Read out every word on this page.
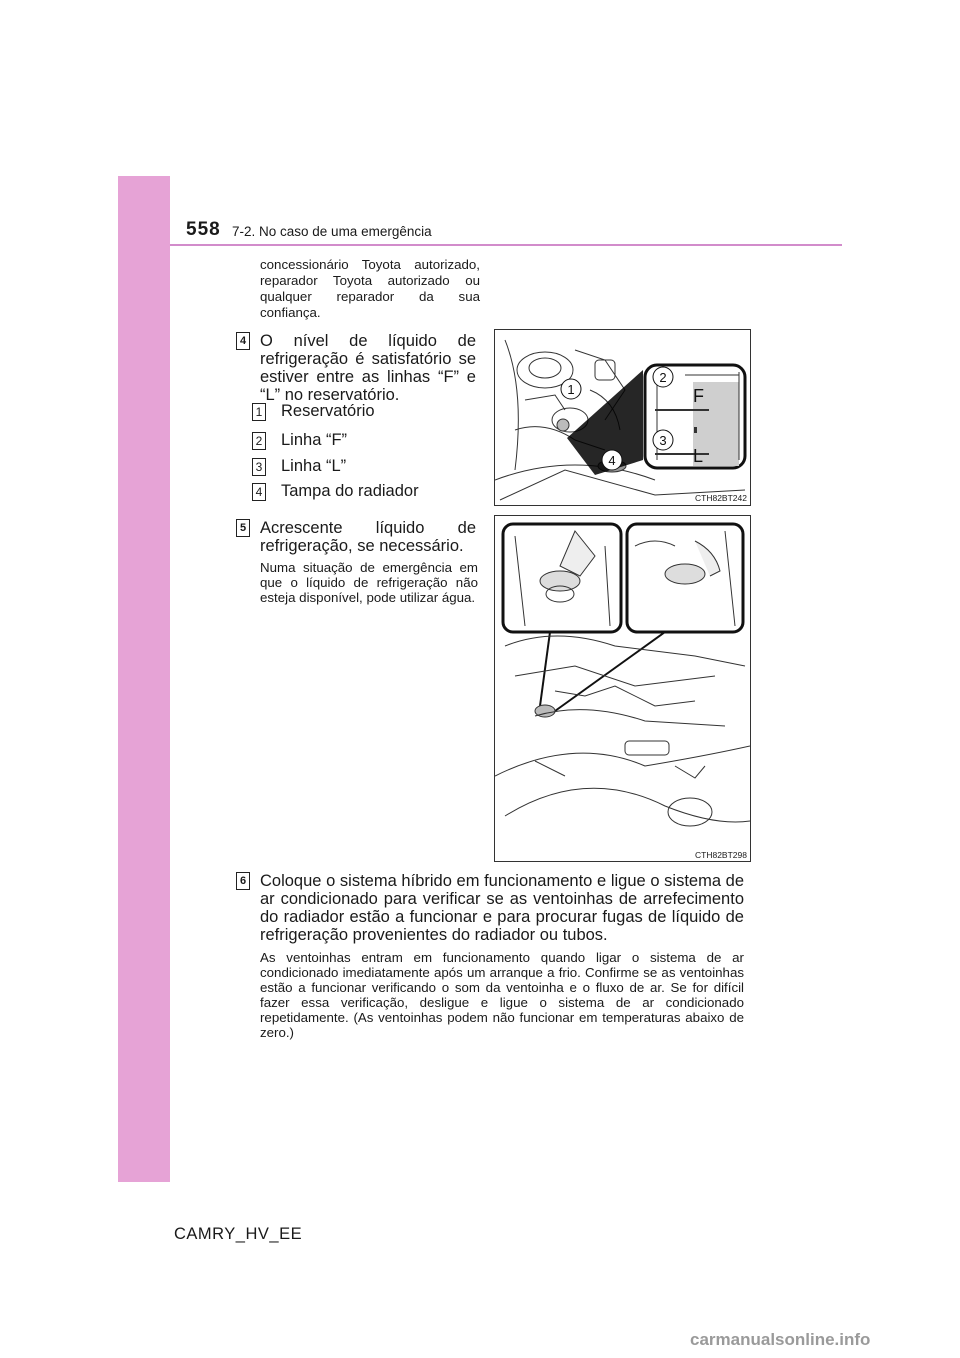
558 7-2. No caso de uma emergência
concessionário Toyota autorizado, reparador Toyota autorizado ou qualquer reparador da sua confiança.
4 O nível de líquido de refrigeração é satisfatório se estiver entre as linhas “F” e “L” no reservatório.
1 Reservatório
2 Linha “F”
3 Linha “L”
4 Tampa do radiador
1
2
3
4
F
L
CTH82BT242
5 Acrescente líquido de refrigeração, se necessário.
Numa situação de emergência em que o líquido de refrigeração não esteja disponível, pode utilizar água.
CTH82BT298
6 Coloque o sistema híbrido em funcionamento e ligue o sistema de ar condicionado para verificar se as ventoinhas de arrefecimento do radiador estão a funcionar e para procurar fugas de líquido de refrigeração provenientes do radiador ou tubos.
As ventoinhas entram em funcionamento quando ligar o sistema de ar condicionado imediatamente após um arranque a frio. Confirme se as ventoinhas estão a funcionar verificando o som da ventoinha e o fluxo de ar. Se for difícil fazer essa verificação, desligue e ligue o sistema de ar condicionado repetidamente. (As ventoinhas podem não funcionar em temperaturas abaixo de zero.)
CAMRY_HV_EE
carmanualsonline.info
